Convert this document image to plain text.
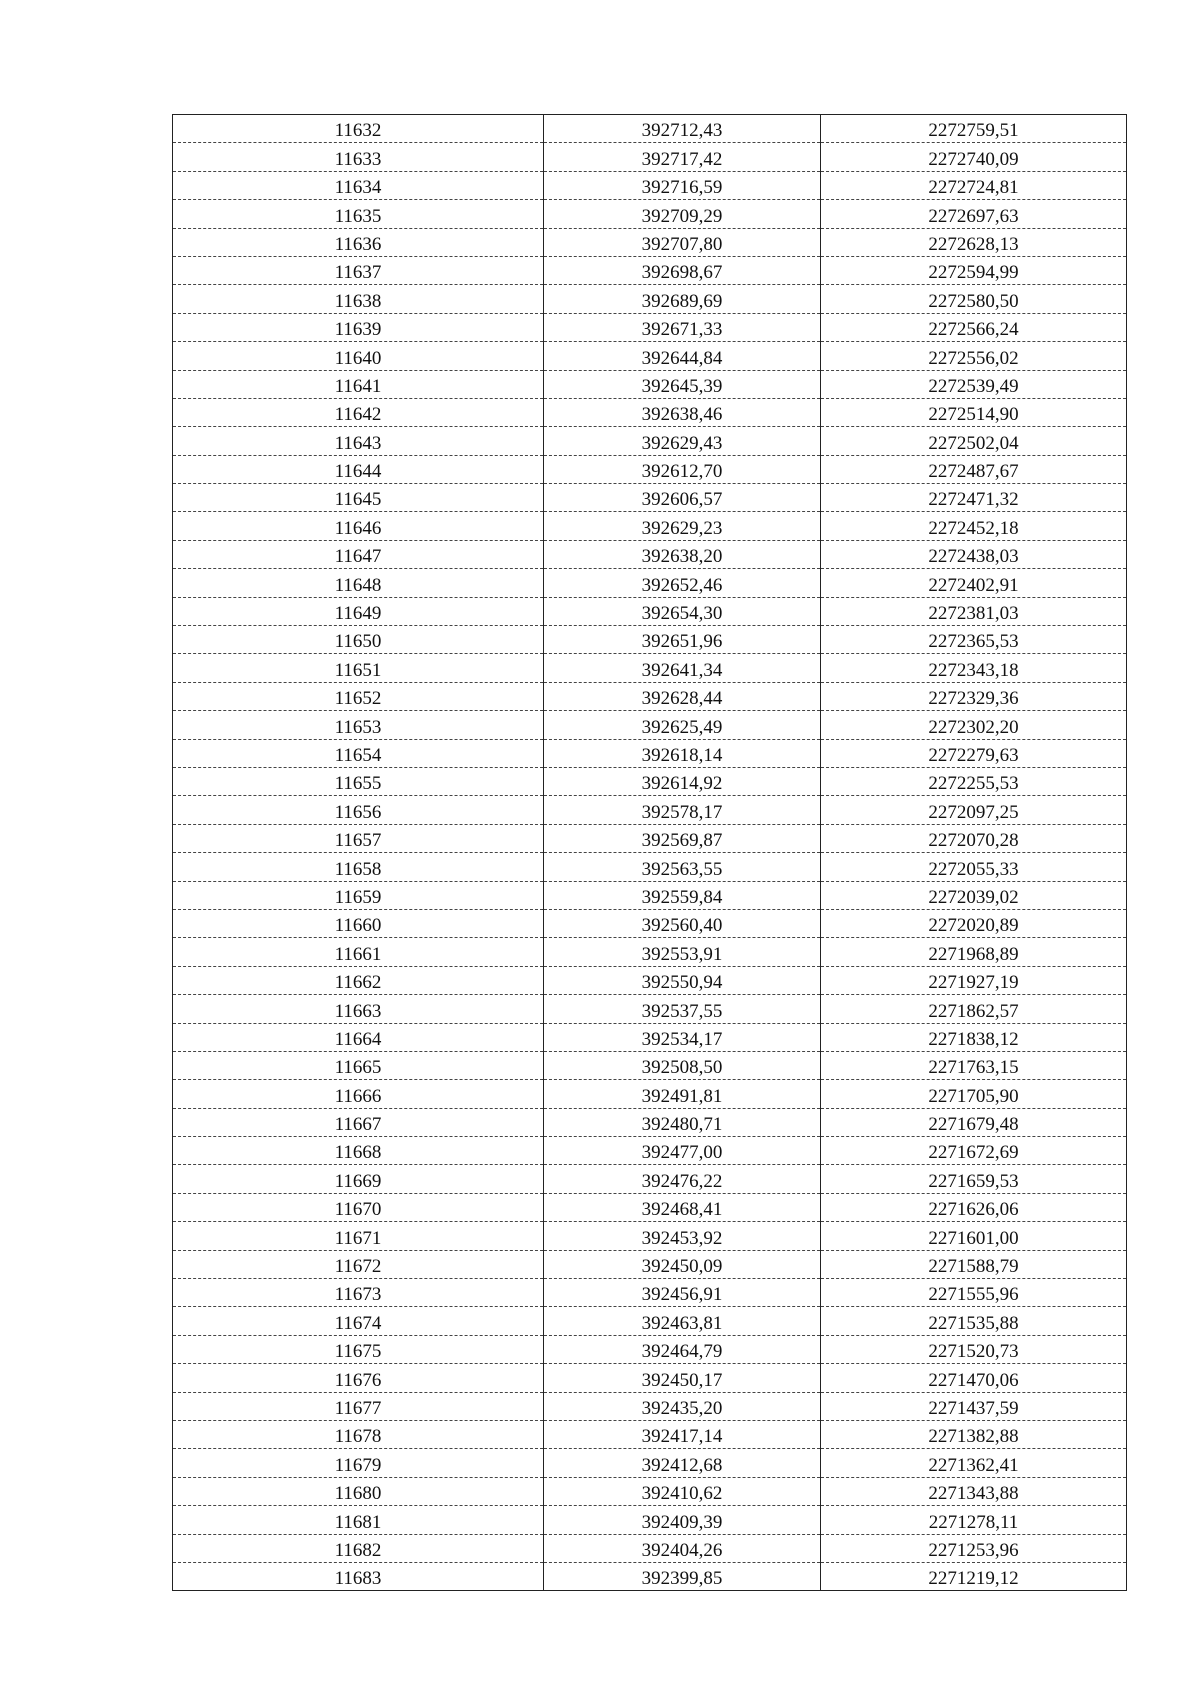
11632	392712,43	2272759,51
11633	392717,42	2272740,09
11634	392716,59	2272724,81
11635	392709,29	2272697,63
11636	392707,80	2272628,13
11637	392698,67	2272594,99
11638	392689,69	2272580,50
11639	392671,33	2272566,24
11640	392644,84	2272556,02
11641	392645,39	2272539,49
11642	392638,46	2272514,90
11643	392629,43	2272502,04
11644	392612,70	2272487,67
11645	392606,57	2272471,32
11646	392629,23	2272452,18
11647	392638,20	2272438,03
11648	392652,46	2272402,91
11649	392654,30	2272381,03
11650	392651,96	2272365,53
11651	392641,34	2272343,18
11652	392628,44	2272329,36
11653	392625,49	2272302,20
11654	392618,14	2272279,63
11655	392614,92	2272255,53
11656	392578,17	2272097,25
11657	392569,87	2272070,28
11658	392563,55	2272055,33
11659	392559,84	2272039,02
11660	392560,40	2272020,89
11661	392553,91	2271968,89
11662	392550,94	2271927,19
11663	392537,55	2271862,57
11664	392534,17	2271838,12
11665	392508,50	2271763,15
11666	392491,81	2271705,90
11667	392480,71	2271679,48
11668	392477,00	2271672,69
11669	392476,22	2271659,53
11670	392468,41	2271626,06
11671	392453,92	2271601,00
11672	392450,09	2271588,79
11673	392456,91	2271555,96
11674	392463,81	2271535,88
11675	392464,79	2271520,73
11676	392450,17	2271470,06
11677	392435,20	2271437,59
11678	392417,14	2271382,88
11679	392412,68	2271362,41
11680	392410,62	2271343,88
11681	392409,39	2271278,11
11682	392404,26	2271253,96
11683	392399,85	2271219,12
